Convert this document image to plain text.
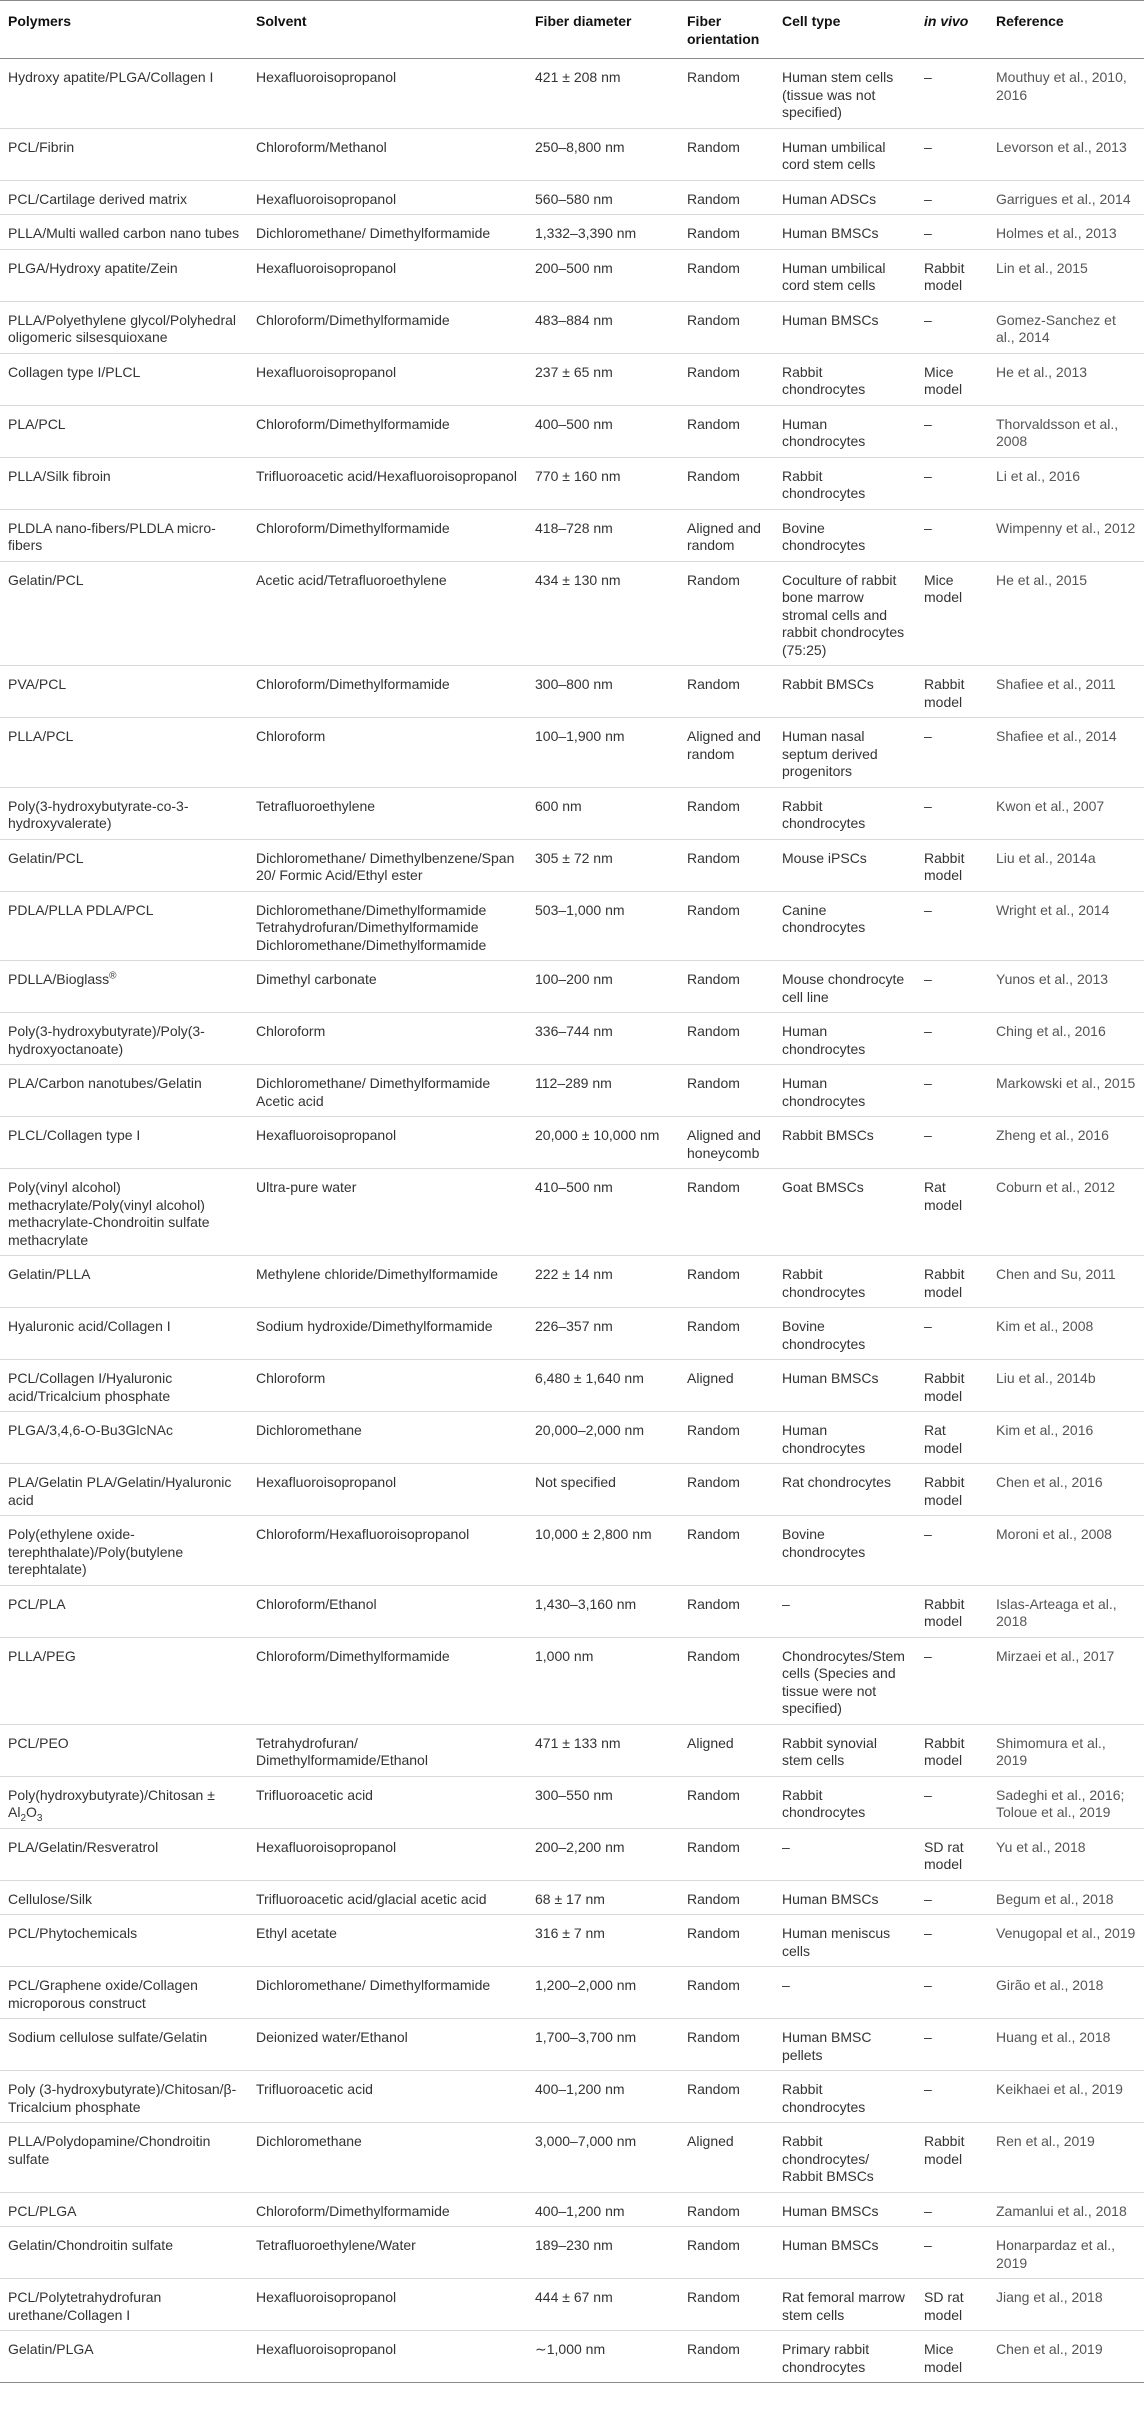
Polymers	Solvent	Fiber diameter	Fiber orientation	Cell type	in vivo	Reference
Hydroxy apatite/PLGA/Collagen I	Hexafluoroisopropanol	421 ± 208 nm	Random	Human stem cells (tissue was not specified)	–	Mouthuy et al., 2010, 2016
PCL/Fibrin	Chloroform/Methanol	250–8,800 nm	Random	Human umbilical cord stem cells	–	Levorson et al., 2013
PCL/Cartilage derived matrix	Hexafluoroisopropanol	560–580 nm	Random	Human ADSCs	–	Garrigues et al., 2014
PLLA/Multi walled carbon nano tubes	Dichloromethane/ Dimethylformamide	1,332–3,390 nm	Random	Human BMSCs	–	Holmes et al., 2013
PLGA/Hydroxy apatite/Zein	Hexafluoroisopropanol	200–500 nm	Random	Human umbilical cord stem cells	Rabbit model	Lin et al., 2015
PLLA/Polyethylene glycol/Polyhedral oligomeric silsesquioxane	Chloroform/Dimethylformamide	483–884 nm	Random	Human BMSCs	–	Gomez-Sanchez et al., 2014
Collagen type I/PLCL	Hexafluoroisopropanol	237 ± 65 nm	Random	Rabbit chondrocytes	Mice model	He et al., 2013
PLA/PCL	Chloroform/Dimethylformamide	400–500 nm	Random	Human chondrocytes	–	Thorvaldsson et al., 2008
PLLA/Silk fibroin	Trifluoroacetic acid/Hexafluoroisopropanol	770 ± 160 nm	Random	Rabbit chondrocytes	–	Li et al., 2016
PLDLA nano-fibers/PLDLA micro-fibers	Chloroform/Dimethylformamide	418–728 nm	Aligned and random	Bovine chondrocytes	–	Wimpenny et al., 2012
Gelatin/PCL	Acetic acid/Tetrafluoroethylene	434 ± 130 nm	Random	Coculture of rabbit bone marrow stromal cells and rabbit chondrocytes (75:25)	Mice model	He et al., 2015
PVA/PCL	Chloroform/Dimethylformamide	300–800 nm	Random	Rabbit BMSCs	Rabbit model	Shafiee et al., 2011
PLLA/PCL	Chloroform	100–1,900 nm	Aligned and random	Human nasal septum derived progenitors	–	Shafiee et al., 2014
Poly(3-hydroxybutyrate-co-3-hydroxyvalerate)	Tetrafluoroethylene	600 nm	Random	Rabbit chondrocytes	–	Kwon et al., 2007
Gelatin/PCL	Dichloromethane/ Dimethylbenzene/Span 20/ Formic Acid/Ethyl ester	305 ± 72 nm	Random	Mouse iPSCs	Rabbit model	Liu et al., 2014a
PDLA/PLLA PDLA/PCL	Dichloromethane/Dimethylformamide Tetrahydrofuran/Dimethylformamide Dichloromethane/Dimethylformamide	503–1,000 nm	Random	Canine chondrocytes	–	Wright et al., 2014
PDLLA/Bioglass®	Dimethyl carbonate	100–200 nm	Random	Mouse chondrocyte cell line	–	Yunos et al., 2013
Poly(3-hydroxybutyrate)/Poly(3-hydroxyoctanoate)	Chloroform	336–744 nm	Random	Human chondrocytes	–	Ching et al., 2016
PLA/Carbon nanotubes/Gelatin	Dichloromethane/ Dimethylformamide Acetic acid	112–289 nm	Random	Human chondrocytes	–	Markowski et al., 2015
PLCL/Collagen type I	Hexafluoroisopropanol	20,000 ± 10,000 nm	Aligned and honeycomb	Rabbit BMSCs	–	Zheng et al., 2016
Poly(vinyl alcohol) methacrylate/Poly(vinyl alcohol) methacrylate-Chondroitin sulfate methacrylate	Ultra-pure water	410–500 nm	Random	Goat BMSCs	Rat model	Coburn et al., 2012
Gelatin/PLLA	Methylene chloride/Dimethylformamide	222 ± 14 nm	Random	Rabbit chondrocytes	Rabbit model	Chen and Su, 2011
Hyaluronic acid/Collagen I	Sodium hydroxide/Dimethylformamide	226–357 nm	Random	Bovine chondrocytes	–	Kim et al., 2008
PCL/Collagen I/Hyaluronic acid/Tricalcium phosphate	Chloroform	6,480 ± 1,640 nm	Aligned	Human BMSCs	Rabbit model	Liu et al., 2014b
PLGA/3,4,6-O-Bu3GlcNAc	Dichloromethane	20,000–2,000 nm	Random	Human chondrocytes	Rat model	Kim et al., 2016
PLA/Gelatin PLA/Gelatin/Hyaluronic acid	Hexafluoroisopropanol	Not specified	Random	Rat chondrocytes	Rabbit model	Chen et al., 2016
Poly(ethylene oxide-terephthalate)/Poly(butylene terephtalate)	Chloroform/Hexafluoroisopropanol	10,000 ± 2,800 nm	Random	Bovine chondrocytes	–	Moroni et al., 2008
PCL/PLA	Chloroform/Ethanol	1,430–3,160 nm	Random	–	Rabbit model	Islas-Arteaga et al., 2018
PLLA/PEG	Chloroform/Dimethylformamide	1,000 nm	Random	Chondrocytes/Stem cells (Species and tissue were not specified)	–	Mirzaei et al., 2017
PCL/PEO	Tetrahydrofuran/ Dimethylformamide/Ethanol	471 ± 133 nm	Aligned	Rabbit synovial stem cells	Rabbit model	Shimomura et al., 2019
Poly(hydroxybutyrate)/Chitosan ± $Al_2O_3$	Trifluoroacetic acid	300–550 nm	Random	Rabbit chondrocytes	–	Sadeghi et al., 2016; Toloue et al., 2019
PLA/Gelatin/Resveratrol	Hexafluoroisopropanol	200–2,200 nm	Random	–	SD rat model	Yu et al., 2018
Cellulose/Silk	Trifluoroacetic acid/glacial acetic acid	68 ± 17 nm	Random	Human BMSCs	–	Begum et al., 2018
PCL/Phytochemicals	Ethyl acetate	316 ± 7 nm	Random	Human meniscus cells	–	Venugopal et al., 2019
PCL/Graphene oxide/Collagen microporous construct	Dichloromethane/ Dimethylformamide	1,200–2,000 nm	Random	–	–	Girão et al., 2018
Sodium cellulose sulfate/Gelatin	Deionized water/Ethanol	1,700–3,700 nm	Random	Human BMSC pellets	–	Huang et al., 2018
Poly (3-hydroxybutyrate)/Chitosan/β-Tricalcium phosphate	Trifluoroacetic acid	400–1,200 nm	Random	Rabbit chondrocytes	–	Keikhaei et al., 2019
PLLA/Polydopamine/Chondroitin sulfate	Dichloromethane	3,000–7,000 nm	Aligned	Rabbit chondrocytes/ Rabbit BMSCs	Rabbit model	Ren et al., 2019
PCL/PLGA	Chloroform/Dimethylformamide	400–1,200 nm	Random	Human BMSCs	–	Zamanlui et al., 2018
Gelatin/Chondroitin sulfate	Tetrafluoroethylene/Water	189–230 nm	Random	Human BMSCs	–	Honarpardaz et al., 2019
PCL/Polytetrahydrofuran urethane/Collagen I	Hexafluoroisopropanol	444 ± 67 nm	Random	Rat femoral marrow stem cells	SD rat model	Jiang et al., 2018
Gelatin/PLGA	Hexafluoroisopropanol	∼1,000 nm	Random	Primary rabbit chondrocytes	Mice model	Chen et al., 2019
